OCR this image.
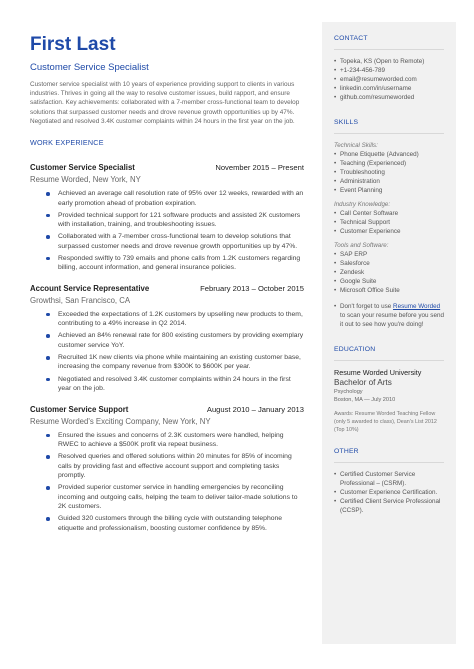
First Last
Customer Service Specialist

Customer service specialist with 10 years of experience providing support to clients in various industries. Thrives in going all the way to resolve customer issues, build rapport, and ensure satisfaction. Key achievements: collaborated with a 7-member cross-functional team to develop solutions that surpassed customer needs and drove revenue growth opportunities up by 47%. Negotiated and resolved 3.4K customer complaints within 24 hours in the first year on the job.

WORK EXPERIENCE
Customer Service Specialist	November 2015 – Present
Resume Worded, New York, NY
Achieved an average call resolution rate of 95% over 12 weeks, rewarded with an early promotion ahead of probation expiration.
Provided technical support for 121 software products and assisted 2K customers with installation, training, and troubleshooting issues.
Collaborated with a 7-member cross-functional team to develop solutions that surpassed customer needs and drove revenue growth opportunities up by 47%.
Responded swiftly to 739 emails and phone calls from 1.2K customers regarding billing, account information, and general insurance policies.
Account Service Representative	February 2013 – October 2015
Growthsi, San Francisco, CA
Exceeded the expectations of 1.2K customers by upselling new products to them, contributing to a 49% increase in Q2 2014.
Achieved an 84% renewal rate for 800 existing customers by providing exemplary customer service YoY.
Recruited 1K new clients via phone while maintaining an existing customer base, increasing the company revenue from $300K to $600K per year.
Negotiated and resolved 3.4K customer complaints within 24 hours in the first year on the job.
Customer Service Support	August 2010 – January 2013
Resume Worded's Exciting Company, New York, NY
Ensured the issues and concerns of 2.3K customers were handled, helping RWEC to achieve a $500K profit via repeat business.
Resolved queries and offered solutions within 20 minutes for 85% of incoming calls by providing fast and effective account support and completing tasks promptly.
Provided superior customer service in handling emergencies by reconciling incoming and outgoing calls, helping the team to deliver tailor-made solutions to 2K customers.
Guided 320 customers through the billing cycle with outstanding telephone etiquette and professionalism, boosting customer confidence by 85%.
CONTACT
• Topeka, KS (Open to Remote)
• +1-234-456-789
• email@resumeworded.com
• linkedin.com/in/username
• github.com/resumeworded
SKILLS
Technical Skills:
• Phone Etiquette (Advanced)
• Teaching (Experienced)
• Troubleshooting
• Administration
• Event Planning
Industry Knowledge:
• Call Center Software
• Technical Support
• Customer Experience
Tools and Software:
• SAP ERP
• Salesforce
• Zendesk
• Google Suite
• Microsoft Office Suite
• Don't forget to use Resume Worded to scan your resume before you send it out to see how you're doing!
EDUCATION
Resume Worded University
Bachelor of Arts
Psychology
Boston, MA — July 2010
Awards: Resume Worded Teaching Fellow (only 5 awarded to class), Dean's List 2012 (Top 10%)
OTHER
• Certified Customer Service Professional – (CSRM).
• Customer Experience Certification.
• Certified Client Service Professional (CCSP).
